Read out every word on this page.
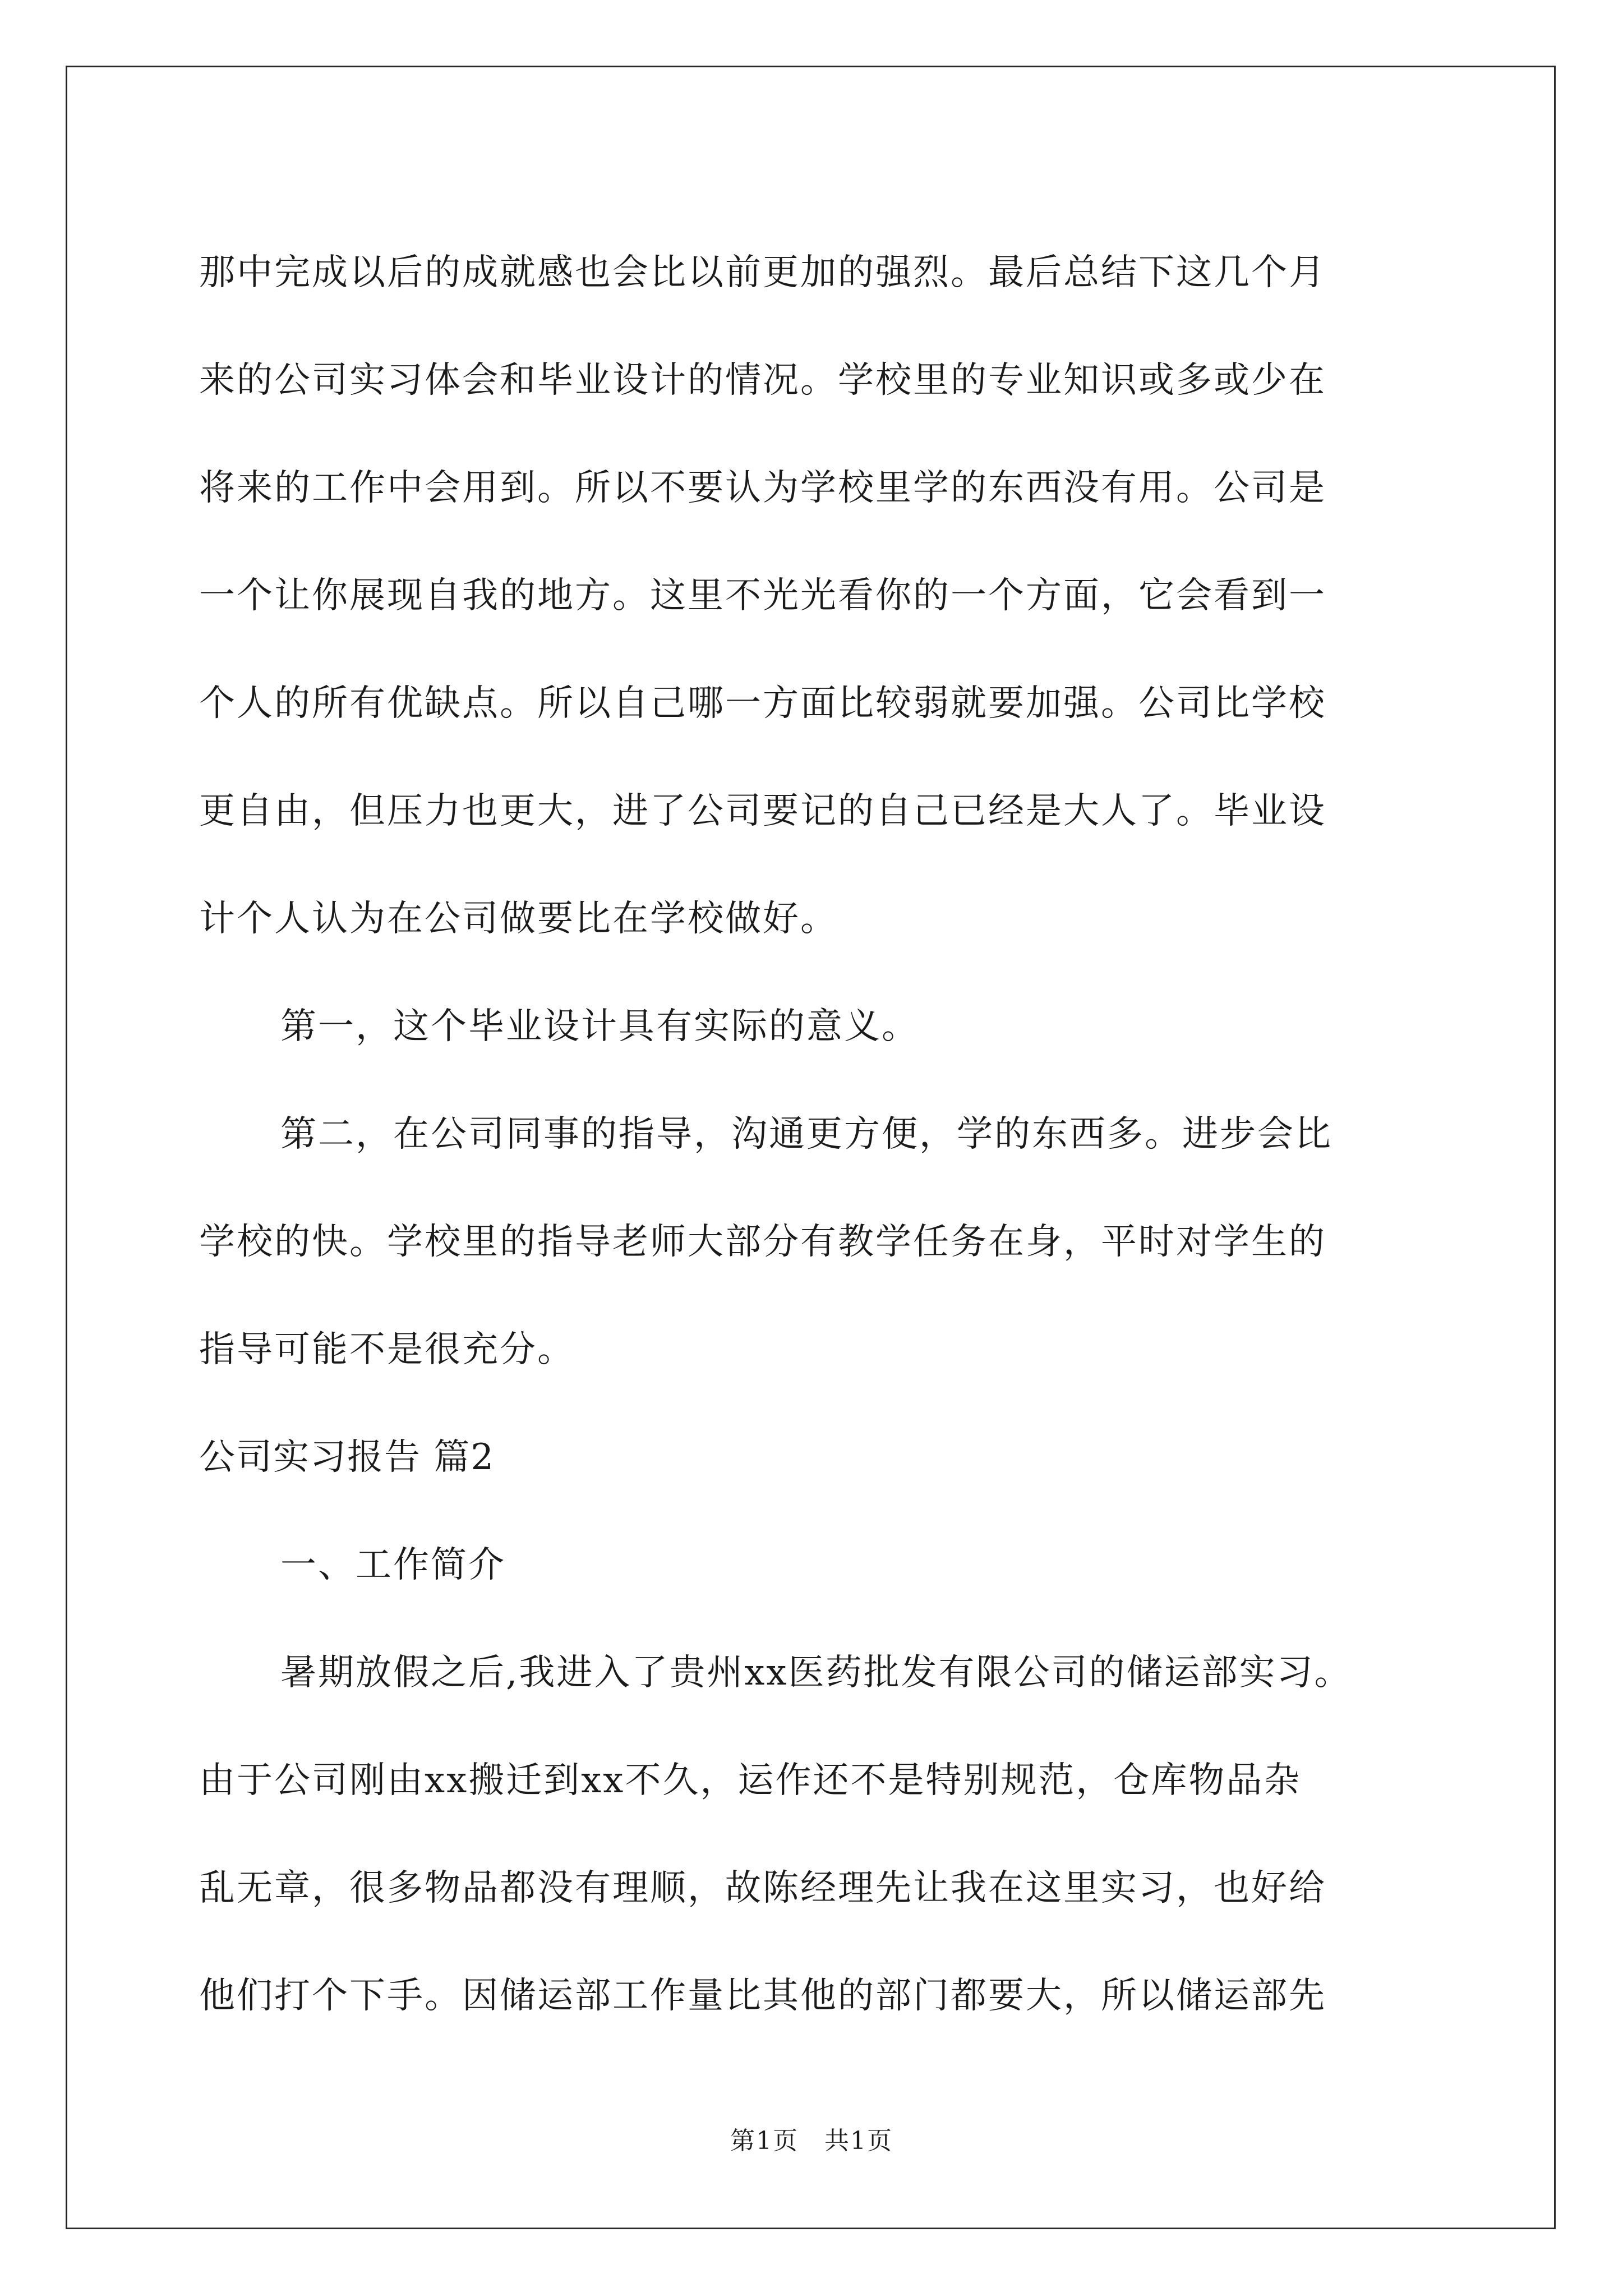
那中完成以后的成就感也会比以前更加的强烈。最后总结下这几个月
来的公司实习体会和毕业设计的情况。学校里的专业知识或多或少在
将来的工作中会用到。所以不要认为学校里学的东西没有用。公司是
一个让你展现自我的地方。这里不光光看你的一个方面，它会看到一
个人的所有优缺点。所以自己哪一方面比较弱就要加强。公司比学校
更自由，但压力也更大，进了公司要记的自己已经是大人了。毕业设
计个人认为在公司做要比在学校做好。
第一，这个毕业设计具有实际的意义。
第二，在公司同事的指导，沟通更方便，学的东西多。进步会比
学校的快。学校里的指导老师大部分有教学任务在身，平时对学生的
指导可能不是很充分。
公司实习报告 篇2
一、工作简介
暑期放假之后,我进入了贵州xx医药批发有限公司的储运部实习。
由于公司刚由xx搬迁到xx不久，运作还不是特别规范，仓库物品杂
乱无章，很多物品都没有理顺，故陈经理先让我在这里实习，也好给
他们打个下手。因储运部工作量比其他的部门都要大，所以储运部先
第1页　共1页
